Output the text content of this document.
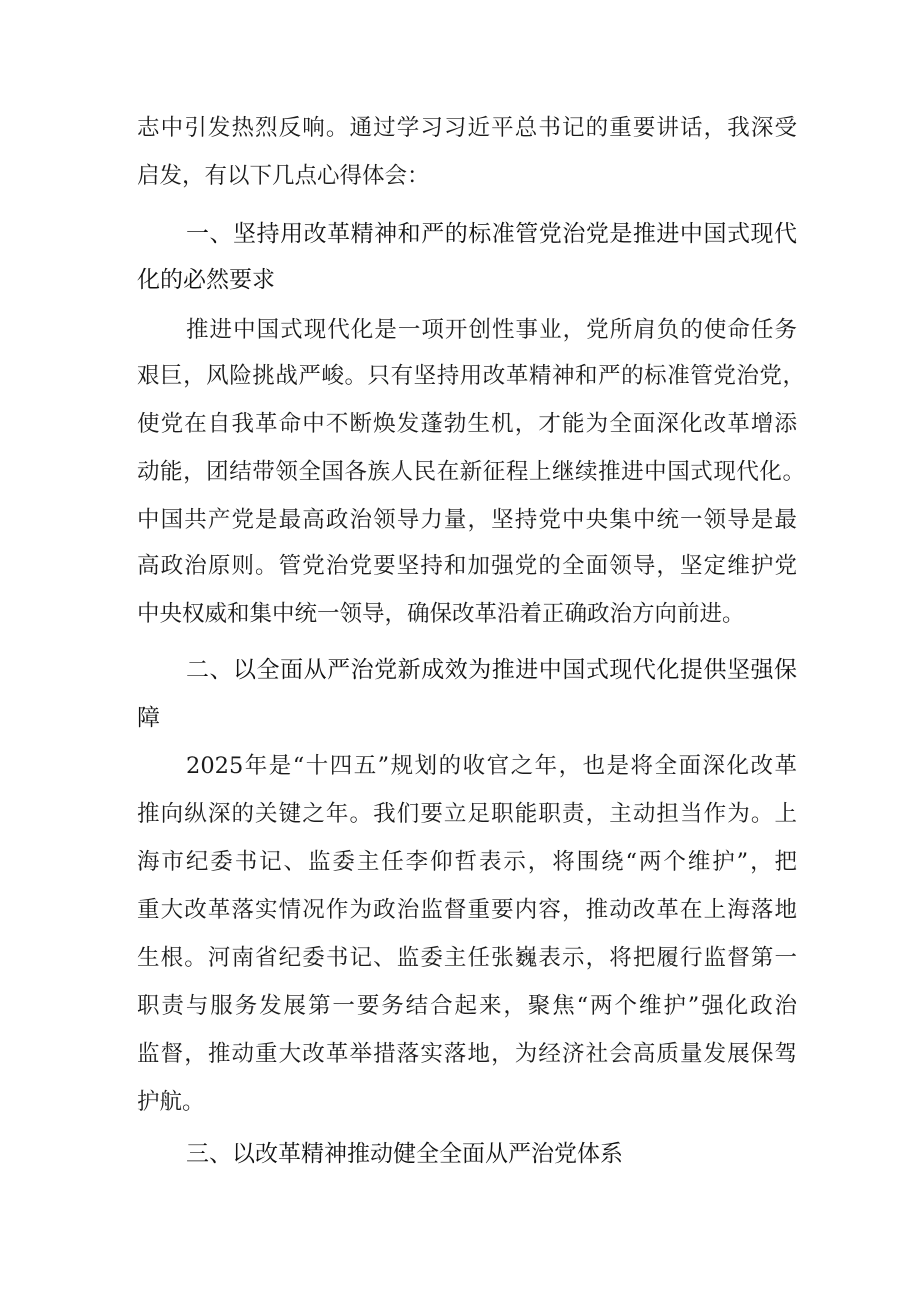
志中引发热烈反响。通过学习习近平总书记的重要讲话，我深受
启发，有以下几点心得体会：
一、坚持用改革精神和严的标准管党治党是推进中国式现代
化的必然要求
推进中国式现代化是一项开创性事业，党所肩负的使命任务
艰巨，风险挑战严峻。只有坚持用改革精神和严的标准管党治党，
使党在自我革命中不断焕发蓬勃生机，才能为全面深化改革增添
动能，团结带领全国各族人民在新征程上继续推进中国式现代化。
中国共产党是最高政治领导力量，坚持党中央集中统一领导是最
高政治原则。管党治党要坚持和加强党的全面领导，坚定维护党
中央权威和集中统一领导，确保改革沿着正确政治方向前进。
二、以全面从严治党新成效为推进中国式现代化提供坚强保
障
2025年是“十四五”规划的收官之年，也是将全面深化改革
推向纵深的关键之年。我们要立足职能职责，主动担当作为。上
海市纪委书记、监委主任李仰哲表示，将围绕“两个维护”，把
重大改革落实情况作为政治监督重要内容，推动改革在上海落地
生根。河南省纪委书记、监委主任张巍表示，将把履行监督第一
职责与服务发展第一要务结合起来，聚焦“两个维护”强化政治
监督，推动重大改革举措落实落地，为经济社会高质量发展保驾
护航。
三、以改革精神推动健全全面从严治党体系
